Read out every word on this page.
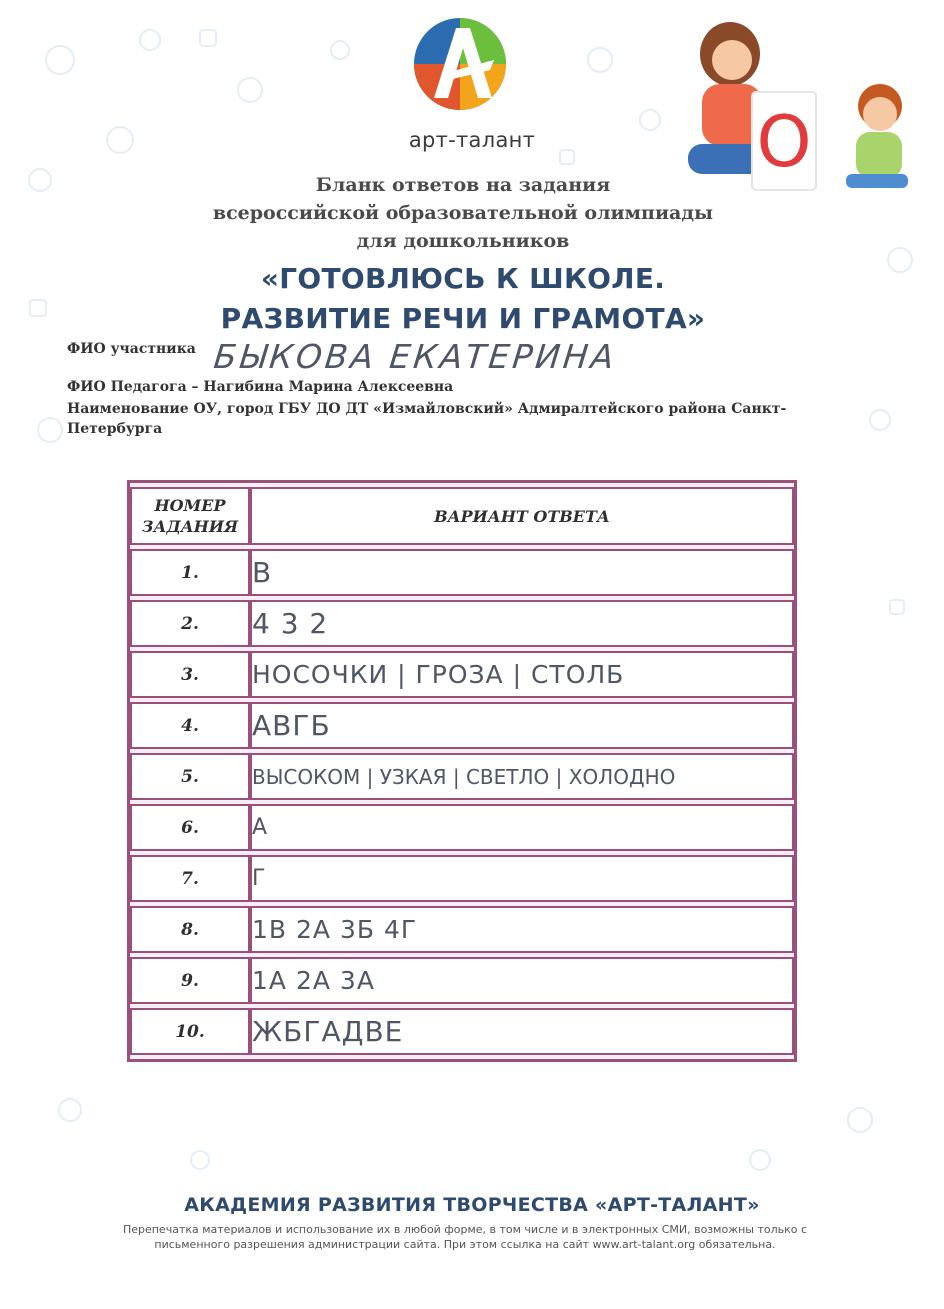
арт-талант	О
Бланк ответов на задания
всероссийской образовательной олимпиады
для дошкольников
«ГОТОВЛЮСЬ К ШКОЛЕ.
РАЗВИТИЕ РЕЧИ И ГРАМОТА»
ФИО участника БЫКОВА ЕКАТЕРИНА
ФИО Педагога – Нагибина Марина Алексеевна
Наименование ОУ, город ГБУ ДО ДТ «Измайловский» Адмиралтейского района Санкт-
Петербурга
НОМЕР
ЗАДАНИЯ	ВАРИАНТ ОТВЕТА
1.	В
2.	4 3 2
3.	НОСОЧКИ | ГРОЗА | СТОЛБ
4.	АВГБ
5.	ВЫСОКОМ | УЗКАЯ | СВЕТЛО | ХОЛОДНО
6.	А
7.	Г
8.	1В 2А 3Б 4Г
9.	1А 2А 3А
10.	ЖБГАДВЕ
АКАДЕМИЯ РАЗВИТИЯ ТВОРЧЕСТВА «АРТ-ТАЛАНТ»
Перепечатка материалов и использование их в любой форме, в том числе и в электронных СМИ, возможны только с
письменного разрешения администрации сайта. При этом ссылка на сайт www.art-talant.org обязательна.
